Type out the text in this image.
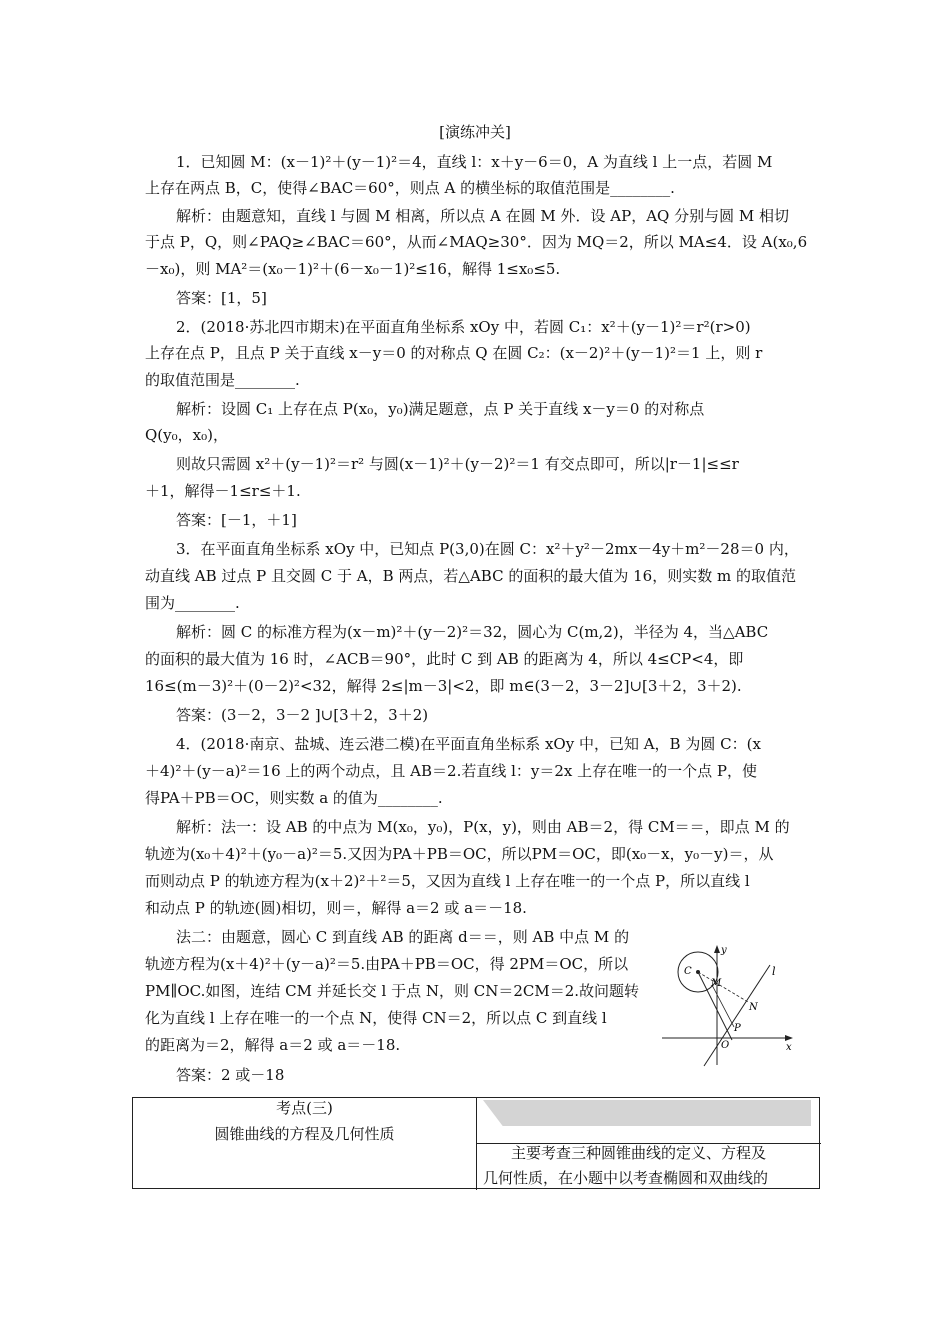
[演练冲关]
1．已知圆 M：(x－1)²＋(y－1)²＝4，直线 l：x＋y－6＝0，A 为直线 l 上一点，若圆 M
上存在两点 B，C，使得∠BAC＝60°，则点 A 的横坐标的取值范围是________.
解析：由题意知，直线 l 与圆 M 相离，所以点 A 在圆 M 外．设 AP，AQ 分别与圆 M 相切
于点 P，Q，则∠PAQ≥∠BAC＝60°，从而∠MAQ≥30°．因为 MQ＝2，所以 MA≤4．设 A(x₀,6
－x₀)，则 MA²＝(x₀－1)²＋(6－x₀－1)²≤16，解得 1≤x₀≤5.
答案：[1，5]
2．(2018·苏北四市期末)在平面直角坐标系 xOy 中，若圆 C₁：x²＋(y－1)²＝r²(r>0)
上存在点 P，且点 P 关于直线 x－y＝0 的对称点 Q 在圆 C₂：(x－2)²＋(y－1)²＝1 上，则 r
的取值范围是________.
解析：设圆 C₁ 上存在点 P(x₀，y₀)满足题意，点 P 关于直线 x－y＝0 的对称点
Q(y₀，x₀)，
则故只需圆 x²＋(y－1)²＝r² 与圆(x－1)²＋(y－2)²＝1 有交点即可，所以|r－1|≤≤r
＋1，解得－1≤r≤＋1.
答案：[－1，＋1]
3．在平面直角坐标系 xOy 中，已知点 P(3,0)在圆 C：x²＋y²－2mx－4y＋m²－28＝0 内，
动直线 AB 过点 P 且交圆 C 于 A，B 两点，若△ABC 的面积的最大值为 16，则实数 m 的取值范
围为________.
解析：圆 C 的标准方程为(x－m)²＋(y－2)²＝32，圆心为 C(m,2)，半径为 4，当△ABC
的面积的最大值为 16 时，∠ACB＝90°，此时 C 到 AB 的距离为 4，所以 4≤CP<4，即
16≤(m－3)²＋(0－2)²<32，解得 2≤|m－3|<2，即 m∈(3－2，3－2]∪[3＋2，3＋2).
答案：(3－2，3－2 ]∪[3＋2，3＋2)
4．(2018·南京、盐城、连云港二模)在平面直角坐标系 xOy 中，已知 A，B 为圆 C：(x
＋4)²＋(y－a)²＝16 上的两个动点，且 AB＝2.若直线 l：y＝2x 上存在唯一的一个点 P，使
得PA＋PB＝OC，则实数 a 的值为________.
解析：法一：设 AB 的中点为 M(x₀，y₀)，P(x，y)，则由 AB＝2，得 CM＝＝，即点 M 的
轨迹为(x₀＋4)²＋(y₀－a)²＝5.又因为PA＋PB＝OC，所以PM＝OC，即(x₀－x，y₀－y)＝，从
而则动点 P 的轨迹方程为(x＋2)²＋²＝5，又因为直线 l 上存在唯一的一个点 P，所以直线 l
和动点 P 的轨迹(圆)相切，则＝，解得 a＝2 或 a＝－18.
法二：由题意，圆心 C 到直线 AB 的距离 d＝＝，则 AB 中点 M 的
轨迹方程为(x＋4)²＋(y－a)²＝5.由PA＋PB＝OC，得 2PM＝OC，所以
PM∥OC.如图，连结 CM 并延长交 l 于点 N，则 CN＝2CM＝2.故问题转
化为直线 l 上存在唯一的一个点 N，使得 CN＝2，所以点 C 到直线 l
的距离为＝2，解得 a＝2 或 a＝－18.
答案：2 或－18
y
l
C
M
N
P
O	x
考点(三)
圆锥曲线的方程及几何性质
主要考查三种圆锥曲线的定义、方程及
几何性质，在小题中以考查椭圆和双曲线的
